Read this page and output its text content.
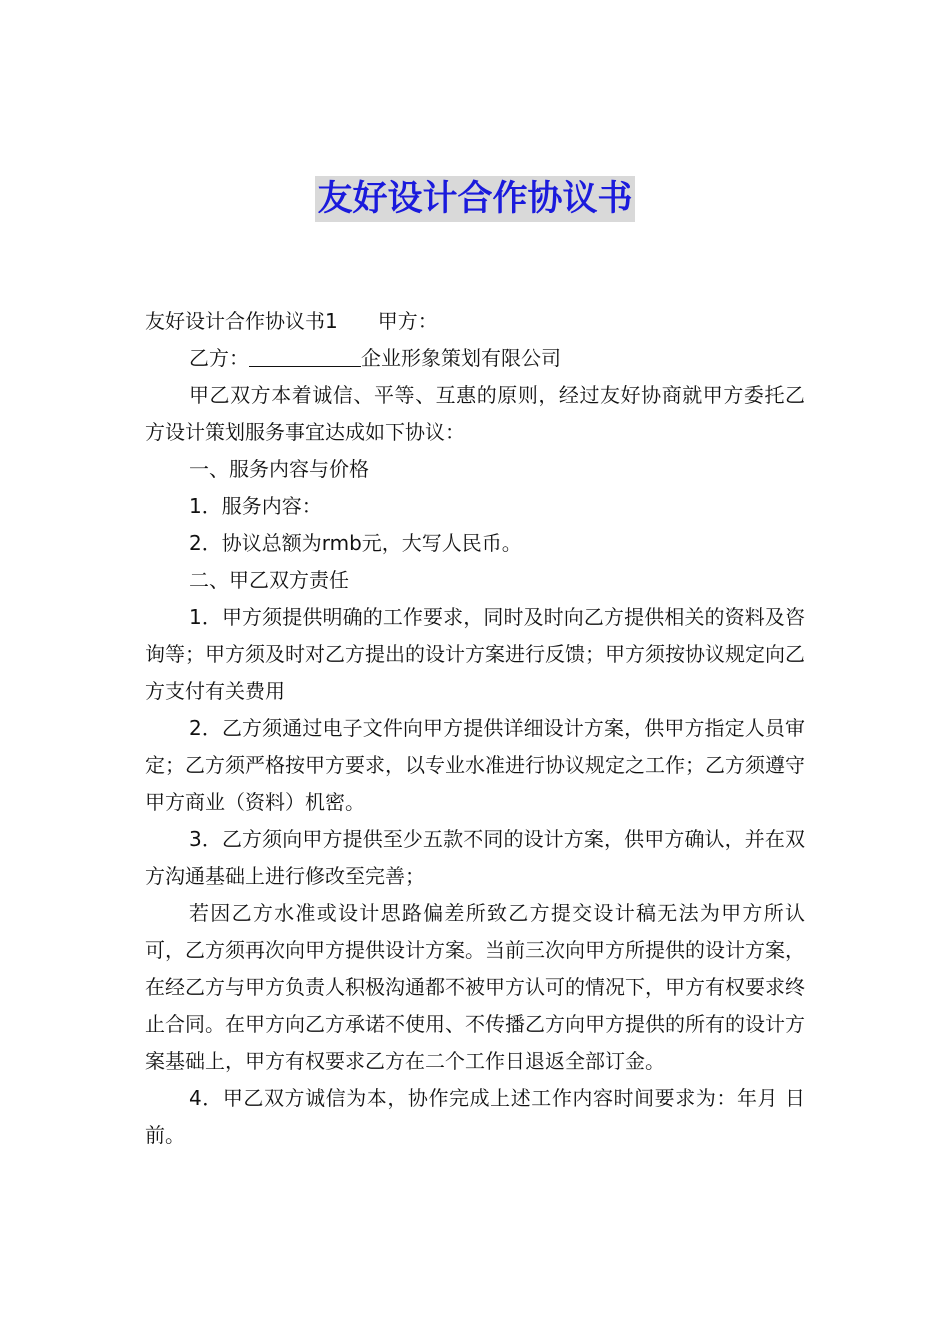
友好设计合作协议书

友好设计合作协议书1 甲方：

乙方：	企业形象策划有限公司

甲乙双方本着诚信、平等、互惠的原则，经过友好协商就甲方委托乙方设计策划服务事宜达成如下协议：

一、服务内容与价格

1．服务内容：

2．协议总额为rmb元，大写人民币。

二、甲乙双方责任

1．甲方须提供明确的工作要求，同时及时向乙方提供相关的资料及咨询等；甲方须及时对乙方提出的设计方案进行反馈；甲方须按协议规定向乙方支付有关费用

2．乙方须通过电子文件向甲方提供详细设计方案，供甲方指定人员审定；乙方须严格按甲方要求，以专业水准进行协议规定之工作；乙方须遵守甲方商业（资料）机密。

3．乙方须向甲方提供至少五款不同的设计方案，供甲方确认，并在双方沟通基础上进行修改至完善；

若因乙方水准或设计思路偏差所致乙方提交设计稿无法为甲方所认可，乙方须再次向甲方提供设计方案。当前三次向甲方所提供的设计方案，在经乙方与甲方负责人积极沟通都不被甲方认可的情况下，甲方有权要求终止合同。在甲方向乙方承诺不使用、不传播乙方向甲方提供的所有的设计方案基础上，甲方有权要求乙方在二个工作日退返全部订金。

4．甲乙双方诚信为本，协作完成上述工作内容时间要求为：年月 日前。
